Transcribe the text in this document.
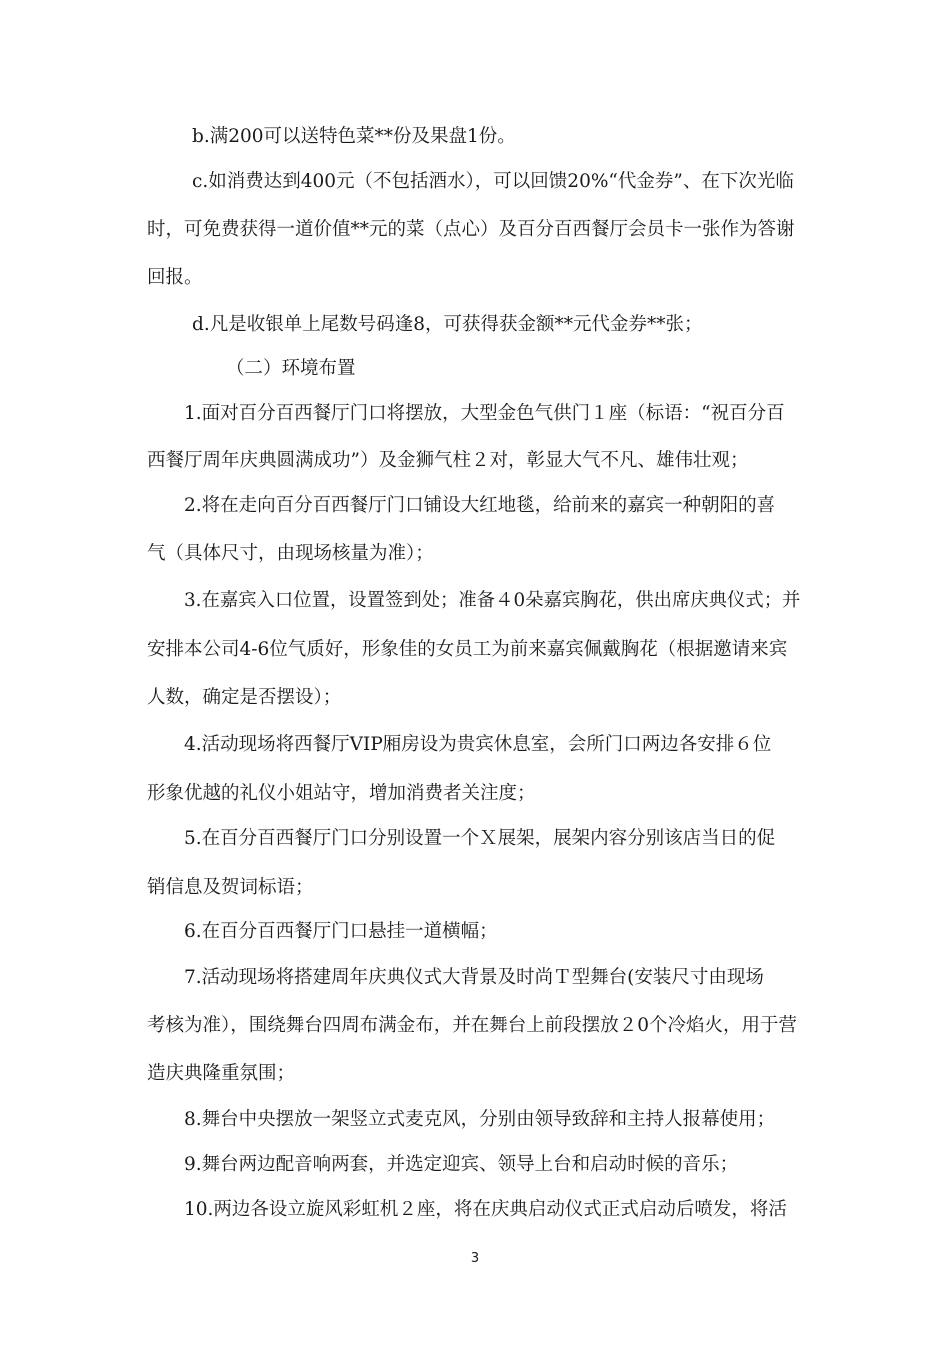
b.满200可以送特色菜**份及果盘1份。
c.如消费达到400元（不包括酒水），可以回馈20%“代金券”、在下次光临
时，可免费获得一道价值**元的菜（点心）及百分百西餐厅会员卡一张作为答谢
回报。
d.凡是收银单上尾数号码逢8，可获得获金额**元代金券**张；
（二）环境布置
1.面对百分百西餐厅门口将摆放，大型金色气供门１座（标语：“祝百分百
西餐厅周年庆典圆满成功”）及金狮气柱２对，彰显大气不凡、雄伟壮观；
2.将在走向百分百西餐厅门口铺设大红地毯，给前来的嘉宾一种朝阳的喜
气（具体尺寸，由现场核量为准）；
3.在嘉宾入口位置，设置签到处；准备４0朵嘉宾胸花，供出席庆典仪式；并
安排本公司4-6位气质好，形象佳的女员工为前来嘉宾佩戴胸花（根据邀请来宾
人数，确定是否摆设）；
4.活动现场将西餐厅VIP厢房设为贵宾休息室，会所门口两边各安排６位
形象优越的礼仪小姐站守，增加消费者关注度；
5.在百分百西餐厅门口分别设置一个Ｘ展架，展架内容分别该店当日的促
销信息及贺词标语；
6.在百分百西餐厅门口悬挂一道横幅；
7.活动现场将搭建周年庆典仪式大背景及时尚Ｔ型舞台(安装尺寸由现场
考核为准），围绕舞台四周布满金布，并在舞台上前段摆放２0个冷焰火，用于营
造庆典隆重氛围；
8.舞台中央摆放一架竖立式麦克风，分别由领导致辞和主持人报幕使用；
9.舞台两边配音响两套，并选定迎宾、领导上台和启动时候的音乐；
10.两边各设立旋风彩虹机２座，将在庆典启动仪式正式启动后喷发，将活
3
